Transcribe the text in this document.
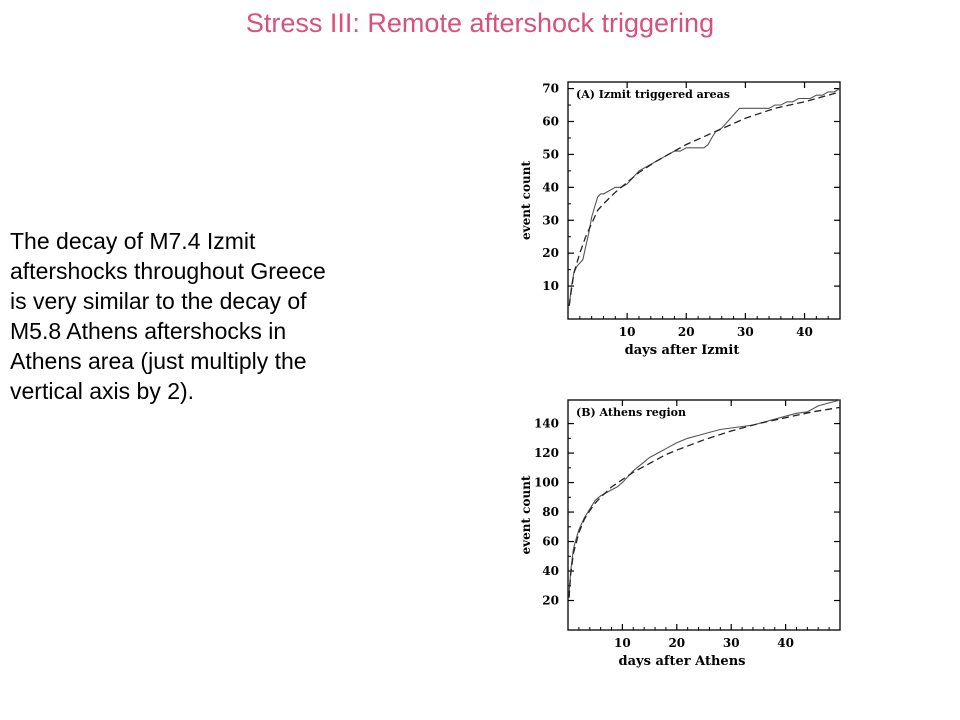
Stress III: Remote aftershock triggering
The decay of M7.4 Izmit
aftershocks throughout Greece
is very similar to the decay of
M5.8 Athens aftershocks in
Athens area (just multiply the
vertical axis by 2).
10
20
30
40
50
60
70
10	20	30	40
(A) Izmit triggered areas
days after Izmit
event count
20
40
60
80
100
120
140
10	20	30	40
(B) Athens region
days after Athens
event count
